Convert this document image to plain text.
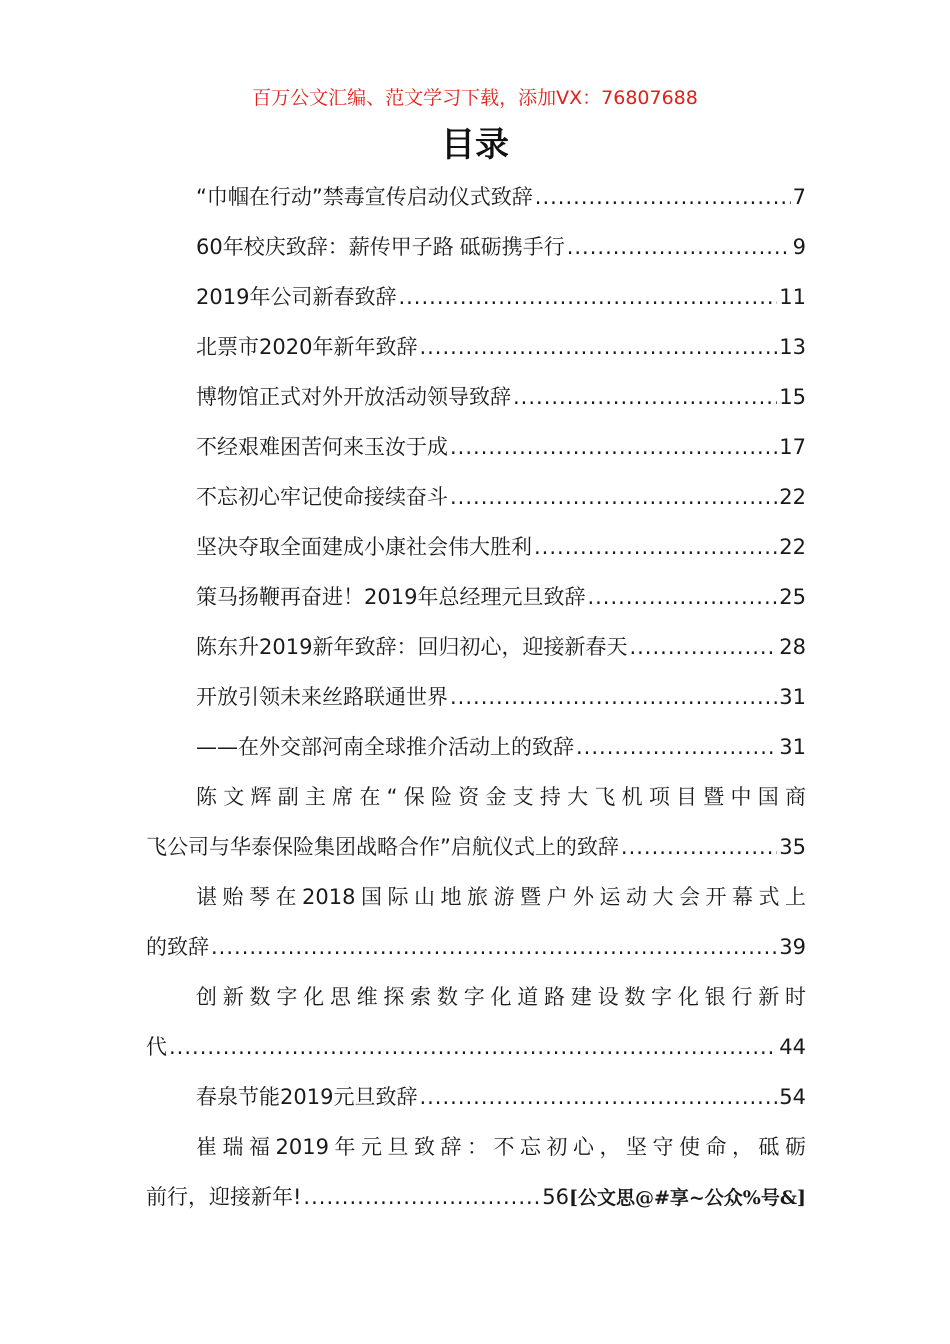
百万公文汇编、范文学习下载，添加VX：76807688
目录
“巾帼在行动”禁毒宣传启动仪式致辞 .....	7
60年校庆致辞：薪传甲子路 砥砺携手行 .....	9
2019年公司新春致辞 .....	11
北票市2020年新年致辞 .....	13
博物馆正式对外开放活动领导致辞 .....	15
不经艰难困苦何来玉汝于成 .....	17
不忘初心牢记使命接续奋斗 .....	22
坚决夺取全面建成小康社会伟大胜利 .....	22
策马扬鞭再奋进！2019年总经理元旦致辞 .....	25
陈东升2019新年致辞：回归初心，迎接新春天 .....	28
开放引领未来丝路联通世界 .....	31
——在外交部河南全球推介活动上的致辞 .....	31
陈文辉副主席在“保险资金支持大飞机项目暨中国商
飞公司与华泰保险集团战略合作”启航仪式上的致辞 .....	35
谌贻琴在2018国际山地旅游暨户外运动大会开幕式上
的致辞 .....	39
创新数字化思维探索数字化道路建设数字化银行新时
代 .....	44
春泉节能2019元旦致辞 .....	54
崔瑞福2019年元旦致辞：不忘初心，坚守使命，砥砺
前行，迎接新年! .....	56 [公文思@#享~公众%号&]
